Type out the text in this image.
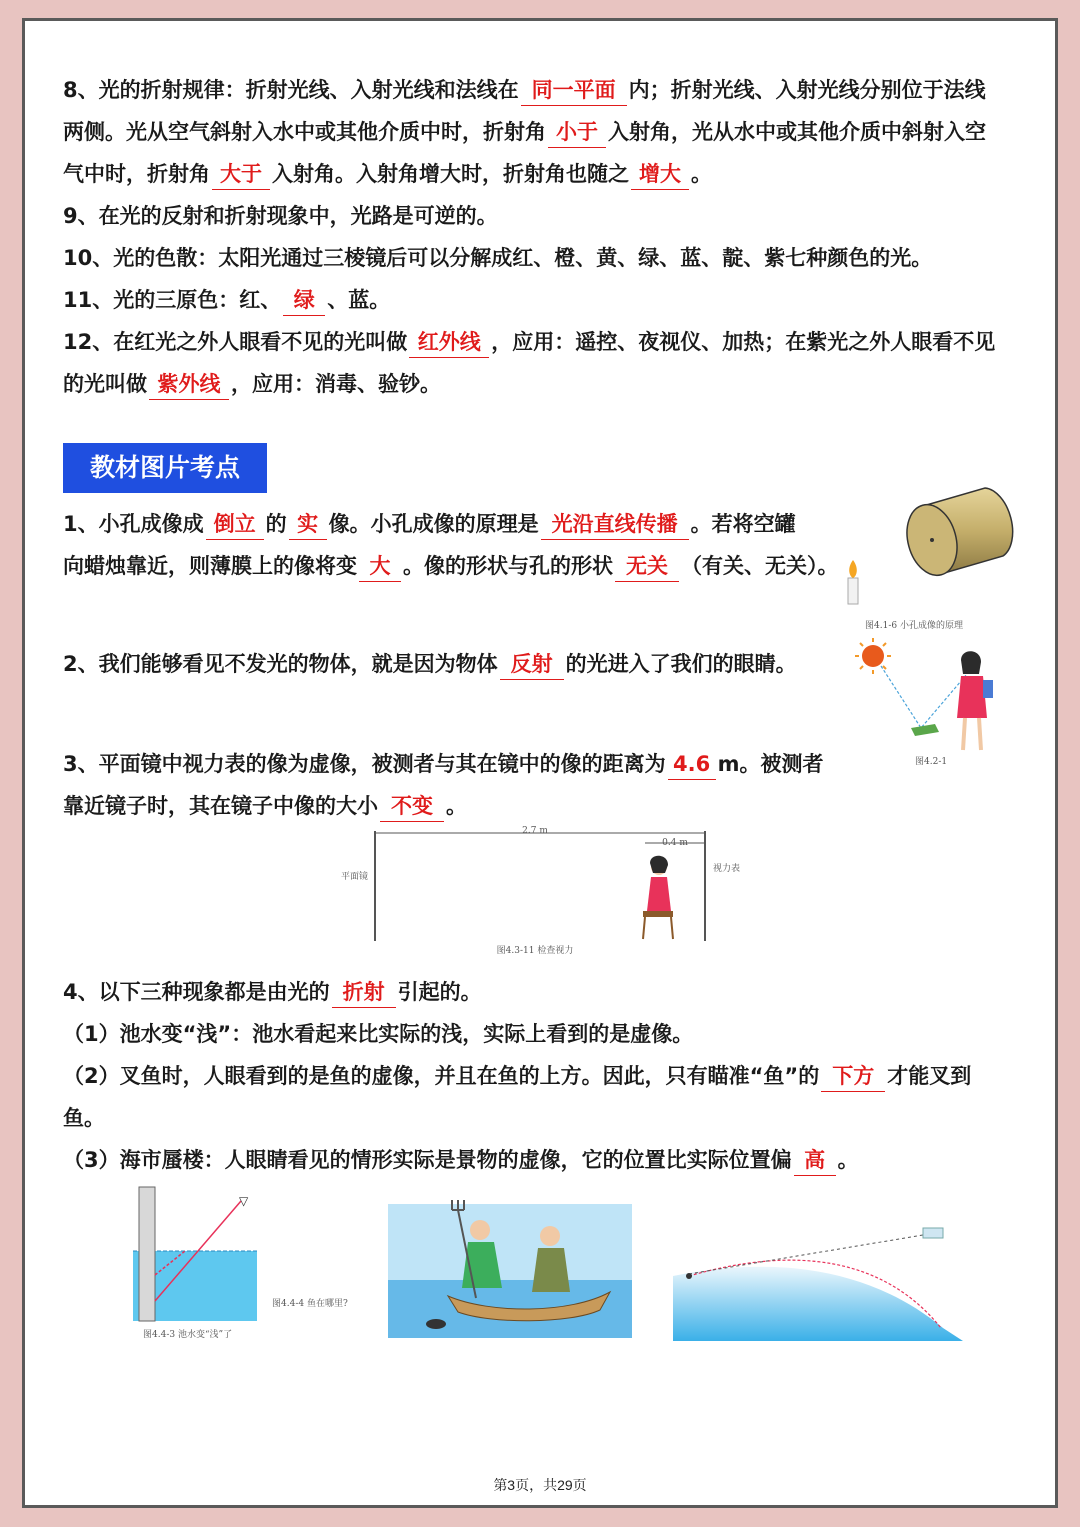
8、光的折射规律：折射光线、入射光线和法线在 同一平面 内；折射光线、入射光线分别位于法线
两侧。光从空气斜射入水中或其他介质中时，折射角 小于 入射角，光从水中或其他介质中斜射入空
气中时，折射角 大于 入射角。入射角增大时，折射角也随之 增大 。
9、在光的反射和折射现象中，光路是可逆的。
10、光的色散：太阳光通过三棱镜后可以分解成红、橙、黄、绿、蓝、靛、紫七种颜色的光。
11、光的三原色：红、 绿 、蓝。
12、在红光之外人眼看不见的光叫做 红外线 ，应用：遥控、夜视仪、加热；在紫光之外人眼看不见
的光叫做 紫外线 ，应用：消毒、验钞。
教材图片考点
1、小孔成像成 倒立 的 实 像。小孔成像的原理是 光沿直线传播 。若将空罐
向蜡烛靠近，则薄膜上的像将变 大 。像的形状与孔的形状 无关 （有关、无关）。
图4.1-6 小孔成像的原理
2、我们能够看见不发光的物体，就是因为物体 反射 的光进入了我们的眼睛。
图4.2-1
3、平面镜中视力表的像为虚像，被测者与其在镜中的像的距离为 4.6 m。被测者
靠近镜子时，其在镜子中像的大小 不变 。
2.7 m
0.4 m
平面镜
视力表
图4.3-11 检查视力
4、以下三种现象都是由光的 折射 引起的。
（1）池水变“浅”：池水看起来比实际的浅，实际上看到的是虚像。
（2）叉鱼时，人眼看到的是鱼的虚像，并且在鱼的上方。因此，只有瞄准“鱼”的 下方 才能叉到
鱼。
（3）海市蜃楼：人眼睛看见的情形实际是景物的虚像，它的位置比实际位置偏 高 。
▽
图4.4-3 池水变“浅”了
图4.4-4 鱼在哪里?
第3页，共29页
